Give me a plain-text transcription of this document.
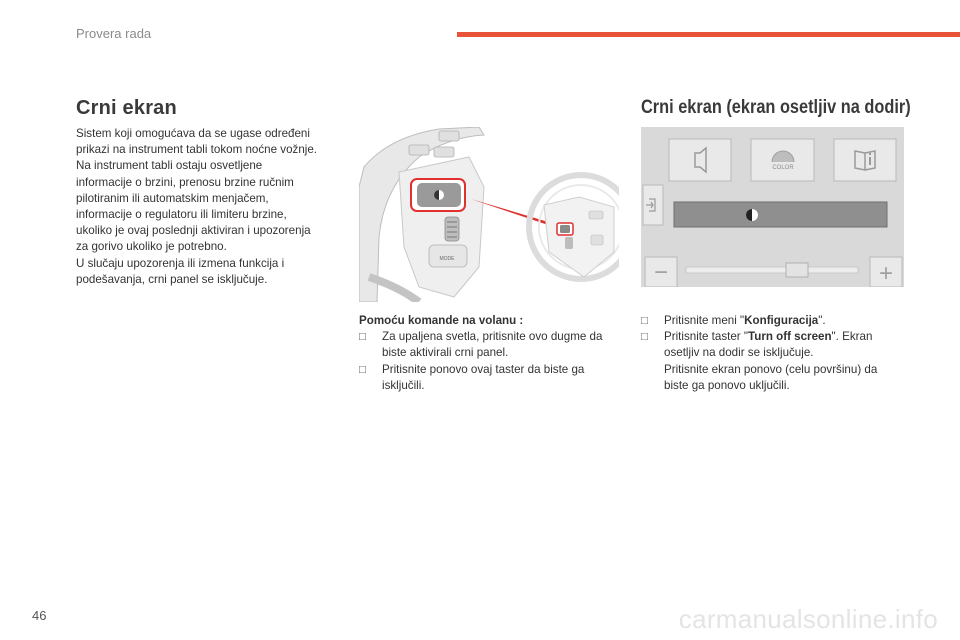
Provera rada
Crni ekran
Sistem koji omogućava da se ugase određeni
prikazi na instrument tabli tokom noćne vožnje.
Na instrument tabli ostaju osvetljene
informacije o brzini, prenosu brzine ručnim
pilotiranim ili automatskim menjačem,
informacije o regulatoru ili limiteru brzine,
ukoliko je ovaj poslednji aktiviran i upozorenja
za gorivo ukoliko je potrebno.
U slučaju upozorenja ili izmena funkcija i
podešavanja, crni panel se isključuje.
MODE
Pomoću komande na volanu :
□	Za upaljena svetla, pritisnite ovo dugme da
biste aktivirali crni panel.
□	Pritisnite ponovo ovaj taster da biste ga
isključili.
Crni ekran (ekran osetljiv na dodir)
COLOR
−	+
□	Pritisnite meni "Konfiguracija".
□	Pritisnite taster "Turn off screen". Ekran
osetljiv na dodir se isključuje.
Pritisnite ekran ponovo (celu površinu) da
biste ga ponovo uključili.
46	carmanualsonline.info
